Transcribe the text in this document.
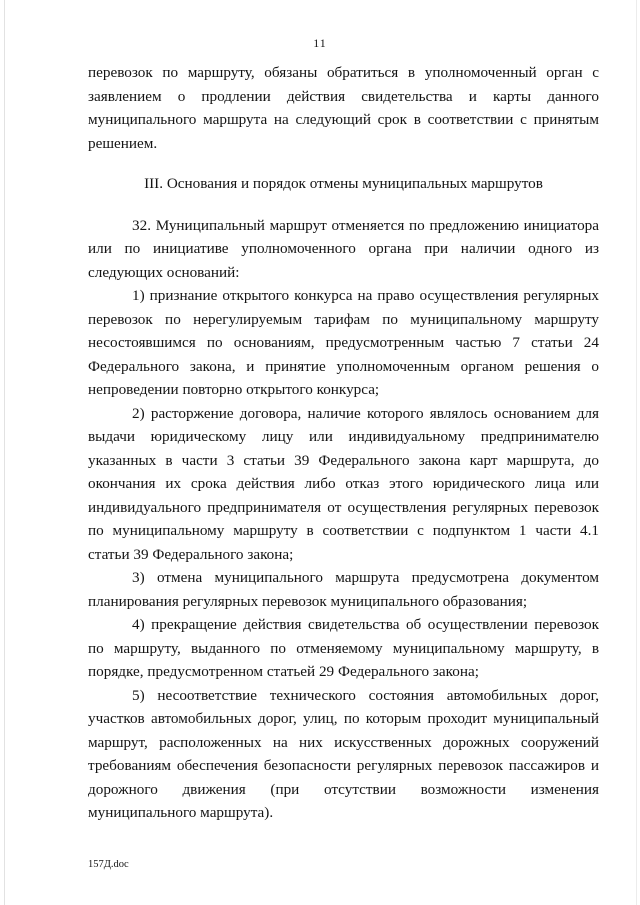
11

перевозок по маршруту, обязаны обратиться в уполномоченный орган с заявлением о продлении действия свидетельства и карты данного муниципального маршрута на следующий срок в соответствии с принятым решением.

III. Основания и порядок отмены муниципальных маршрутов

32. Муниципальный маршрут отменяется по предложению инициатора или по инициативе уполномоченного органа при наличии одного из следующих оснований:

1) признание открытого конкурса на право осуществления регулярных перевозок по нерегулируемым тарифам по муниципальному маршруту несостоявшимся по основаниям, предусмотренным частью 7 статьи 24 Федерального закона, и принятие уполномоченным органом решения о непроведении повторно открытого конкурса;

2) расторжение договора, наличие которого являлось основанием для выдачи юридическому лицу или индивидуальному предпринимателю указанных в части 3 статьи 39 Федерального закона карт маршрута, до окончания их срока действия либо отказ этого юридического лица или индивидуального предпринимателя от осуществления регулярных перевозок по муниципальному маршруту в соответствии с подпунктом 1 части 4.1 статьи 39 Федерального закона;

3) отмена муниципального маршрута предусмотрена документом планирования регулярных перевозок муниципального образования;

4) прекращение действия свидетельства об осуществлении перевозок по маршруту, выданного по отменяемому муниципальному маршруту, в порядке, предусмотренном статьей 29 Федерального закона;

5) несоответствие технического состояния автомобильных дорог, участков автомобильных дорог, улиц, по которым проходит муниципальный маршрут, расположенных на них искусственных дорожных сооружений требованиям обеспечения безопасности регулярных перевозок пассажиров и дорожного движения (при отсутствии возможности изменения муниципального маршрута).

157Д.doc
